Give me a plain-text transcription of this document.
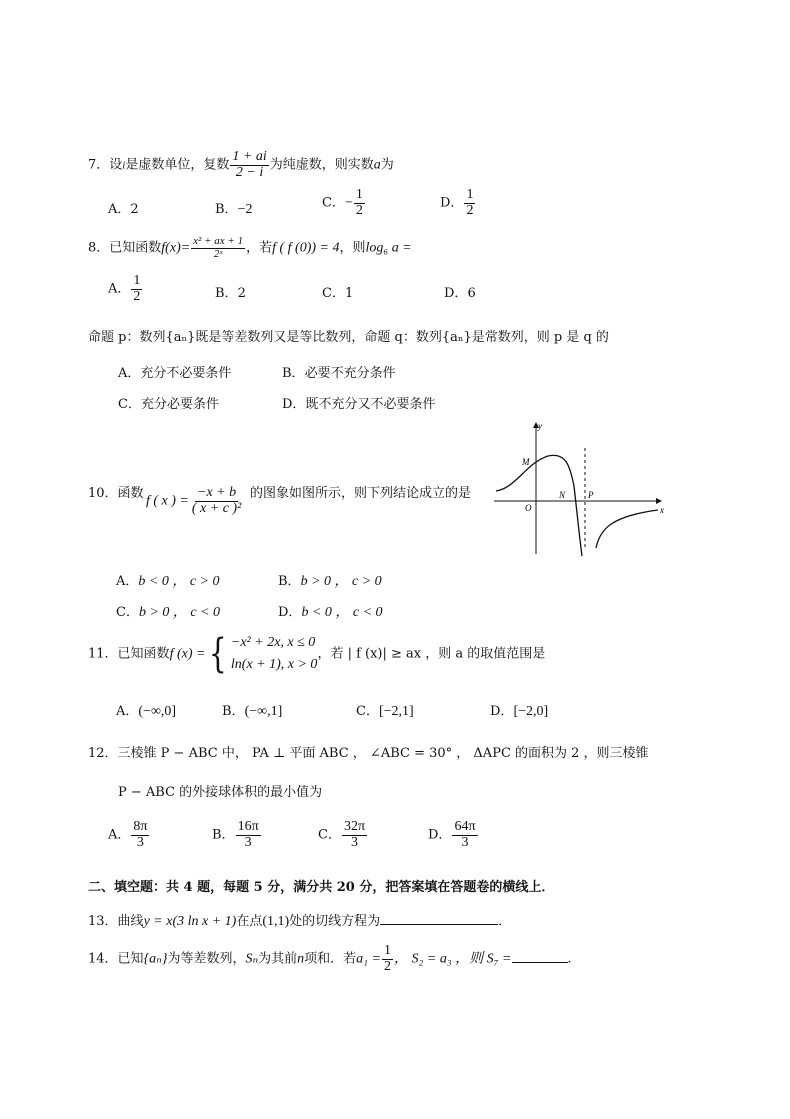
7．设i是虚数单位，复数 $\frac{1 + ai}{2 - i}$ 为纯虚数，则实数a为
A．2	B．−2	C．− $\frac{1}{2}$	D． $\frac{1}{2}$
8．已知函数$f(x)= \frac{\text{x² + ax + 1}}{\text{2ˣ}}$ ，若f ( f (0)) = 4，则log₆ a =
A． $\frac{1}{2}$	B．2	C．1	D．6
命题 p：数列{aₙ}既是等差数列又是等比数列，命题 q：数列{aₙ}是常数列，则 p 是 q 的
A．充分不必要条件	B．必要不充分条件
C．充分必要条件	D．既不充分又不必要条件
10．函数
f ( x ) = $\frac{-x + b}{\text{( x + c )²}}$ 的图象如图所示，则下列结论成立的是
y
x
M
O
N	P
A．b < 0 ， c > 0	B．b > 0 ， c > 0
C．b > 0 ， c < 0	D．b < 0 ， c < 0
11．已知函数f (x) ={ −x² + 2x, x ≤ 0
ln(x + 1), x > 0
，若 | f (x)| ≥ ax ，则 a 的取值范围是
A．(−∞,0]	B．(−∞,1]	C．[−2,1]	D．[−2,0]
12．三棱锥 P − ABC 中， PA ⊥ 平面 ABC ， ∠ABC = 30° ， ΔAPC 的面积为 2 ，则三棱锥
P − ABC 的外接球体积的最小值为
A． $\frac{8\pi}{3}$	B． $\frac{16\pi}{3}$	C． $\frac{32\pi}{3}$	D． $\frac{64\pi}{3}$
二、填空题：共 4 题，每题 5 分，满分共 20 分，把答案填在答题卷的横线上．
13．曲线y = x(3 ln x + 1)在点(1,1)处的切线方程为	．
14．已知{aₙ}为等差数列，Sₙ为其前n项和．若$a_1 = \frac{1}{2}$ ， S₂ = a₃ ，则 S₇ =	.
